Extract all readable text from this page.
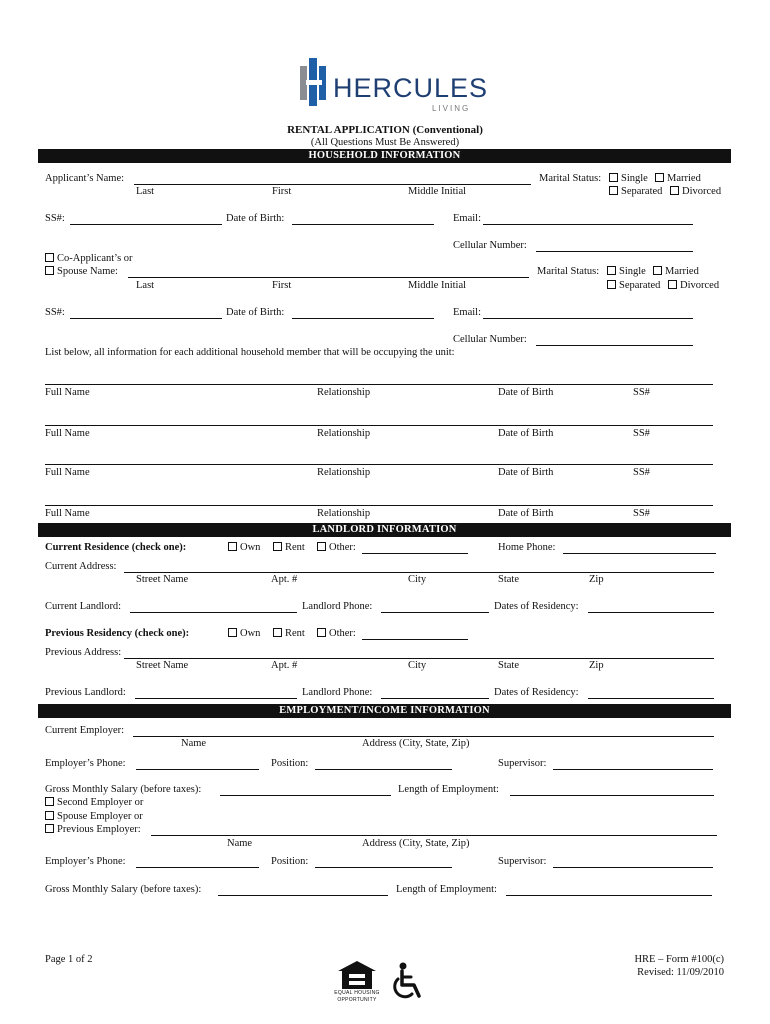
HERCULES
LIVING
RENTAL APPLICATION (Conventional)
(All Questions Must Be Answered)
HOUSEHOLD INFORMATION
Applicant’s Name:
Last	First	Middle Initial
Marital Status:	Single	Married
Separated	Divorced
SS#:	Date of Birth:	Email:
Cellular Number:
Co-Applicant’s or
Spouse Name:
Last	First	Middle Initial
Marital Status:	Single	Married
Separated	Divorced
SS#:	Date of Birth:	Email:
Cellular Number:
List below, all information for each additional household member that will be occupying the unit:
Full Name	Relationship	Date of Birth	SS#
Full Name	Relationship	Date of Birth	SS#
Full Name	Relationship	Date of Birth	SS#
Full Name	Relationship	Date of Birth	SS#
LANDLORD INFORMATION
Current Residence (check one):	Own	Rent	Other:	Home Phone:
Current Address:
Street Name	Apt. #	City	State	Zip
Current Landlord:	Landlord Phone:	Dates of Residency:
Previous Residency (check one):	Own	Rent	Other:
Previous Address:
Street Name	Apt. #	City	State	Zip
Previous Landlord:	Landlord Phone:	Dates of Residency:
EMPLOYMENT/INCOME INFORMATION
Current Employer:
Name	Address (City, State, Zip)
Employer’s Phone:	Position:	Supervisor:
Gross Monthly Salary (before taxes):	Length of Employment:
Second Employer or
Spouse Employer or
Previous Employer:
Name	Address (City, State, Zip)
Employer’s Phone:	Position:	Supervisor:
Gross Monthly Salary (before taxes):	Length of Employment:
Page 1 of 2	HRE – Form #100(c)
Revised: 11/09/2010
EQUAL HOUSING
OPPORTUNITY
